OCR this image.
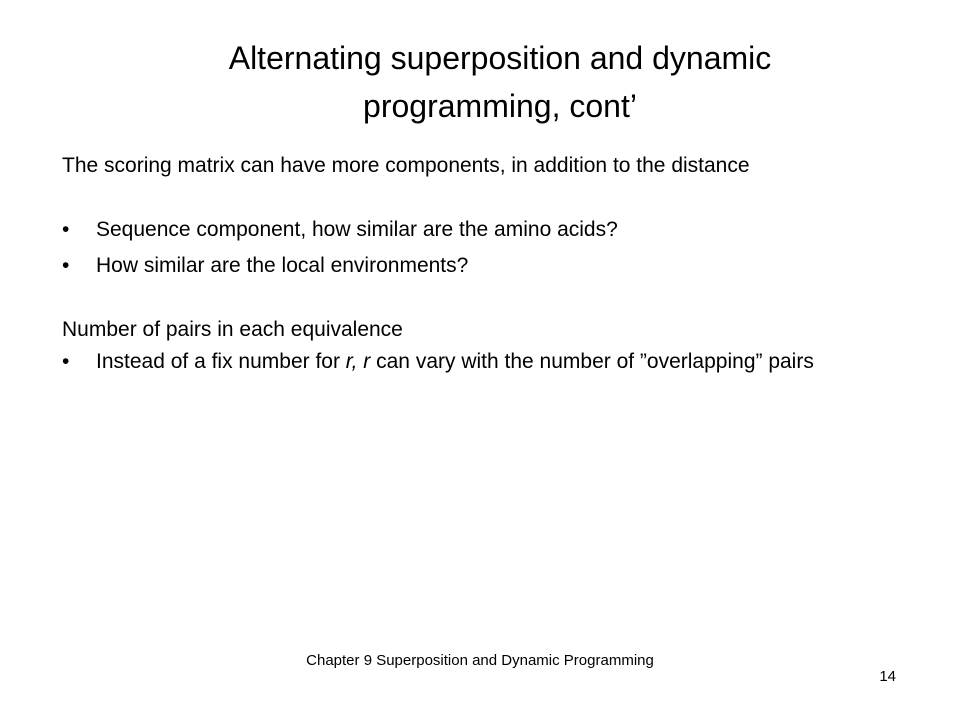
Alternating superposition and dynamic
programming, cont’

The scoring matrix can have more components, in addition to the distance

• Sequence component, how similar are the amino acids?

• How similar are the local environments?

Number of pairs in each equivalence

• Instead of a fix number for r, r can vary with the number of ”overlapping” pairs

Chapter 9 Superposition and Dynamic Programming
14
